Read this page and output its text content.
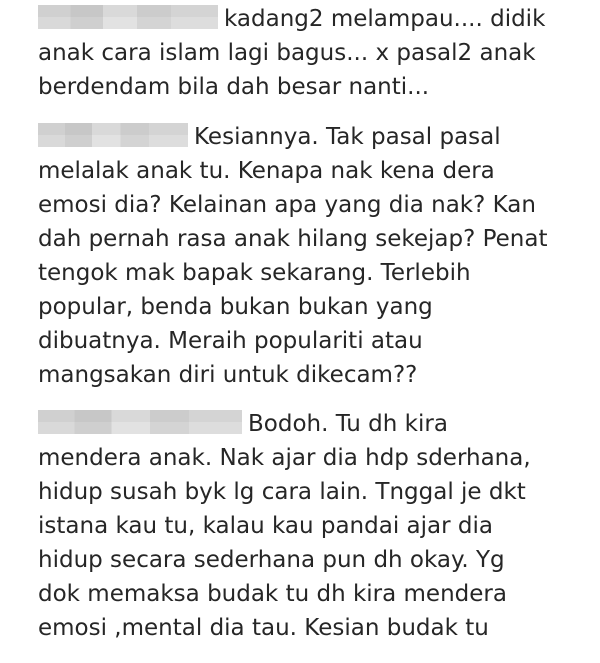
kadang2 melampau.... didik
anak cara islam lagi bagus... x pasal2 anak
berdendam bila dah besar nanti...
Kesiannya. Tak pasal pasal
melalak anak tu. Kenapa nak kena dera
emosi dia? Kelainan apa yang dia nak? Kan
dah pernah rasa anak hilang sekejap? Penat
tengok mak bapak sekarang. Terlebih
popular, benda bukan bukan yang
dibuatnya. Meraih populariti atau
mangsakan diri untuk dikecam??
Bodoh. Tu dh kira
mendera anak. Nak ajar dia hdp sderhana,
hidup susah byk lg cara lain. Tnggal je dkt
istana kau tu, kalau kau pandai ajar dia
hidup secara sederhana pun dh okay. Yg
dok memaksa budak tu dh kira mendera
emosi ,mental dia tau. Kesian budak tu
